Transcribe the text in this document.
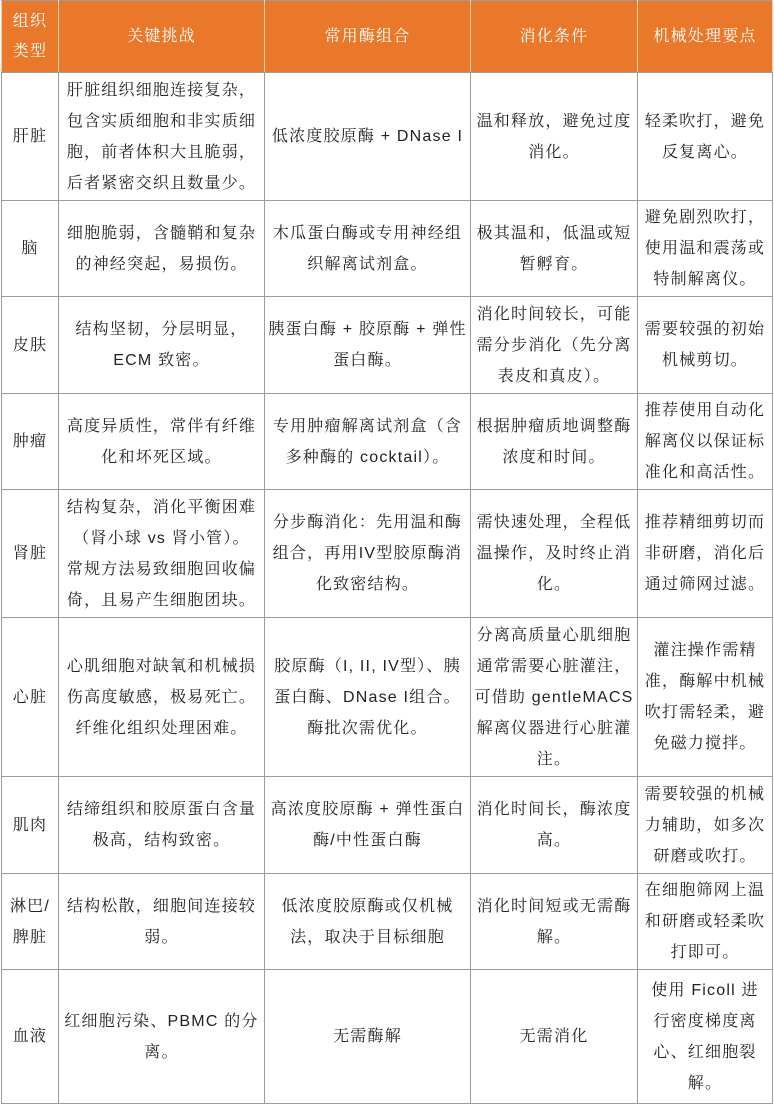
组织
类型	关键挑战	常用酶组合	消化条件	机械处理要点

肝脏	肝脏组织细胞连接复杂，
包含实质细胞和非实质细
胞，前者体积大且脆弱，
后者紧密交织且数量少。	低浓度胶原酶 + DNase I	温和释放，避免过度
消化。	轻柔吹打，避免
反复离心。

脑	细胞脆弱，含髓鞘和复杂
的神经突起，易损伤。	木瓜蛋白酶或专用神经组
织解离试剂盒。	极其温和，低温或短
暂孵育。	避免剧烈吹打，
使用温和震荡或
特制解离仪。

皮肤	结构坚韧，分层明显，
ECM 致密。	胰蛋白酶 + 胶原酶 + 弹性
蛋白酶。	消化时间较长，可能
需分步消化（先分离
表皮和真皮）。	需要较强的初始
机械剪切。

肿瘤	高度异质性，常伴有纤维
化和坏死区域。	专用肿瘤解离试剂盒（含
多种酶的 cocktail）。	根据肿瘤质地调整酶
浓度和时间。	推荐使用自动化
解离仪以保证标
准化和高活性。

肾脏	结构复杂，消化平衡困难
（肾小球 vs 肾小管）。
常规方法易致细胞回收偏
倚，且易产生细胞团块。	分步酶消化：先用温和酶
组合，再用IV型胶原酶消
化致密结构。	需快速处理，全程低
温操作，及时终止消
化。	推荐精细剪切而
非研磨，消化后
通过筛网过滤。

心脏	心肌细胞对缺氧和机械损
伤高度敏感，极易死亡。
纤维化组织处理困难。	胶原酶（I, II, IV型）、胰
蛋白酶、DNase I组合。
酶批次需优化。	分离高质量心肌细胞
通常需要心脏灌注，
可借助 gentleMACS
解离仪器进行心脏灌
注。	灌注操作需精
准，酶解中机械
吹打需轻柔，避
免磁力搅拌。

肌肉	结缔组织和胶原蛋白含量
极高，结构致密。	高浓度胶原酶 + 弹性蛋白
酶/中性蛋白酶	消化时间长，酶浓度
高。	需要较强的机械
力辅助，如多次
研磨或吹打。

淋巴/
脾脏	结构松散，细胞间连接较
弱。	低浓度胶原酶或仅机械
法，取决于目标细胞	消化时间短或无需酶
解。	在细胞筛网上温
和研磨或轻柔吹
打即可。

血液	红细胞污染、PBMC 的分
离。	无需酶解	无需消化	使用 Ficoll 进
行密度梯度离
心、红细胞裂
解。
